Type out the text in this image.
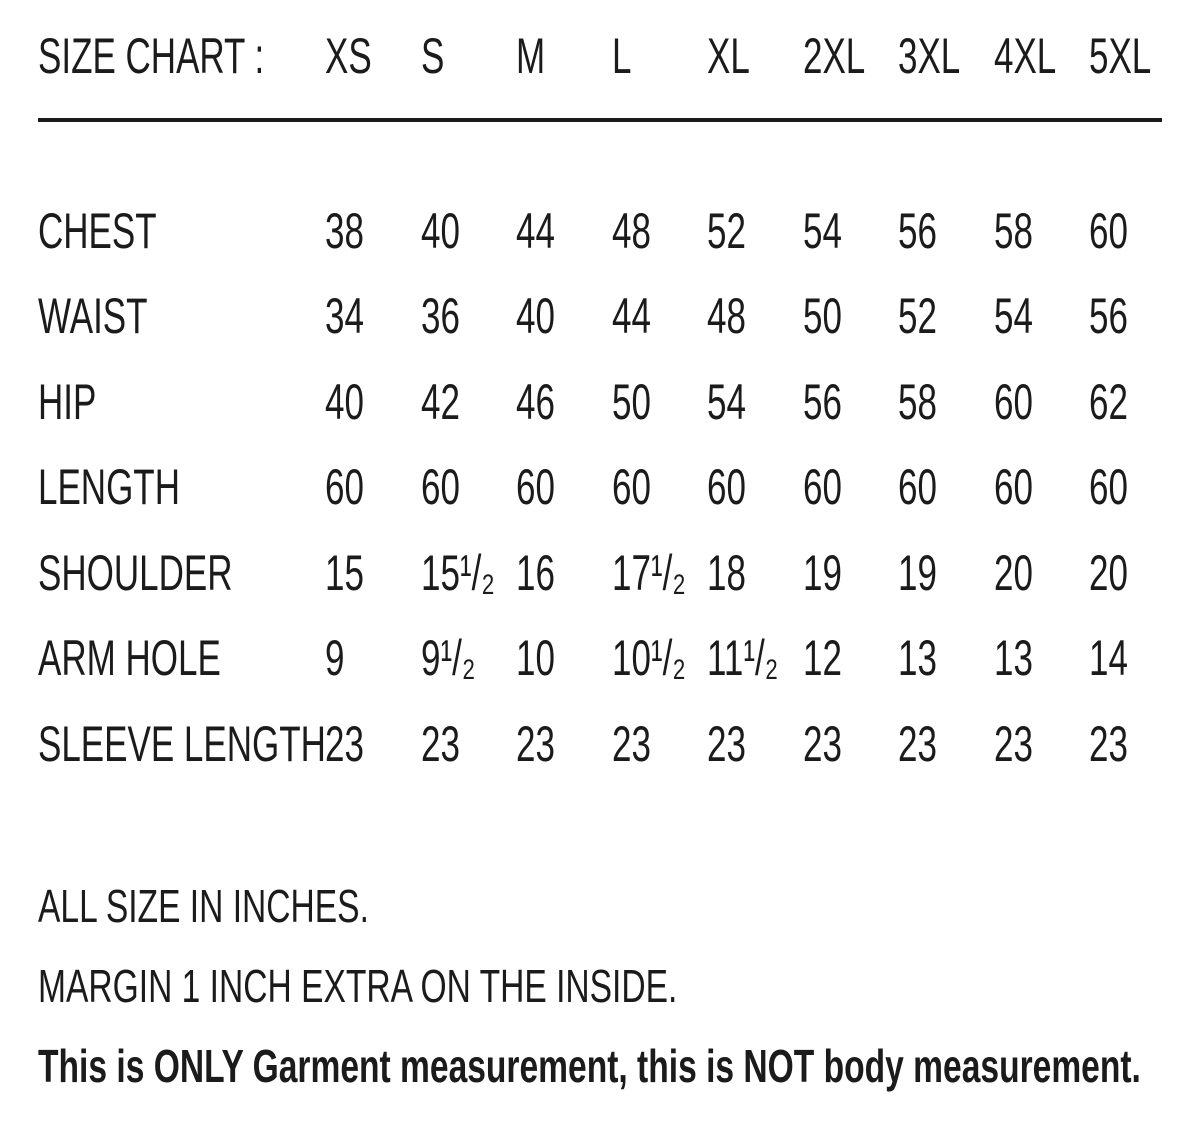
SIZE CHART :	XS S	M	L	XL	2XL 3XL 4XL 5XL
CHEST	38	40	44	48	52	54	56	58	60
WAIST	34	36	40	44	48	50	52	54	56
HIP	40	42	46	50	54	56	58	60	62
LENGTH	60	60	60	60	60	60	60	60	60
SHOULDER	15	15¹/₂ 16	17¹/₂ 18	19	19	20	20
ARM HOLE	9	9¹/₂ 10	10¹/₂ 11¹/₂ 12	13	13	14
SLEEVE LENGTH 23	23	23	23	23	23	23	23	23

ALL SIZE IN INCHES.

MARGIN 1 INCH EXTRA ON THE INSIDE.

This is ONLY Garment measurement, this is NOT body measurement.
